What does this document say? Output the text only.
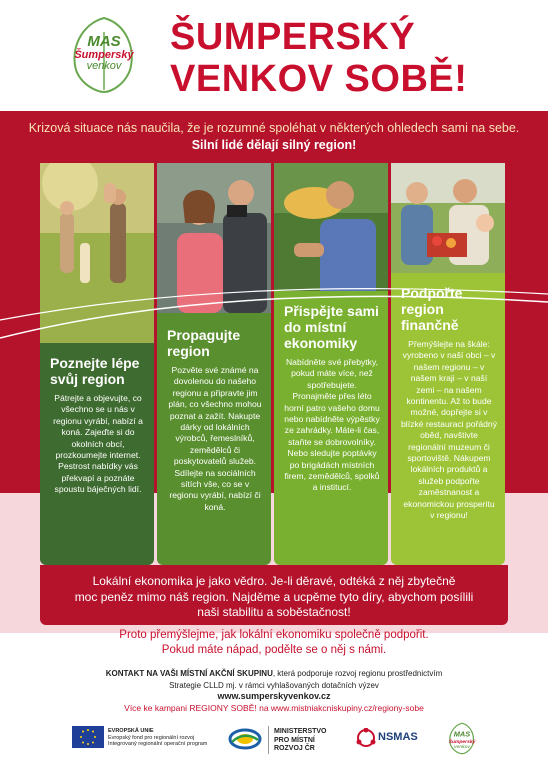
MAS
Šumperský
venkov
ŠUMPERSKÝ
VENKOV SOBĚ!
Krizová situace nás naučila, že je rozumné spoléhat v některých ohledech sami na sebe. Silní lidé dělají silný region!
Poznejte lépe svůj region

Pátrejte a objevujte, co všechno se u nás v regionu vyrábí, nabízí a koná. Zajeďte si do okolních obcí, prozkoumejte internet. Pestrost nabídky vás překvapí a poznáte spoustu báječných lidí.

Propagujte region

Pozvěte své známé na dovolenou do našeho regionu a připravte jim plán, co všechno mohou poznat a zažít. Nakupte dárky od lokálních výrobců, řemeslníků, zemědělců či poskytovatelů služeb. Sdílejte na sociálních sítích vše, co se v regionu vyrábí, nabízí či koná.

Přispějte sami do místní ekonomiky

Nabídněte své přebytky, pokud máte více, než spotřebujete. Pronajměte přes léto horní patro vašeho domu nebo nabídněte výpěstky ze zahrádky. Máte-li čas, staňte se dobrovolníky. Nebo sledujte poptávky po brigádách místních firem, zemědělců, spolků a institucí.

Podpořte region finančně

Přemýšlejte na škále: vyrobeno v naší obci – v našem regionu – v našem kraji – v naší zemi – na našem kontinentu. Až to bude možné, dopřejte si v blízké restauraci pořádný oběd, navštivte regionální muzeum či sportoviště. Nákupem lokálních produktů a služeb podpořte zaměstnanost a ekonomickou prosperitu v regionu!

Lokální ekonomika je jako vědro. Je-li děravé, odtéká z něj zbytečně
moc peněz mimo náš region. Najděme a ucpěme tyto díry, abychom posílili
naši stabilitu a soběstačnost!
Proto přemýšlejme, jak lokální ekonomiku společně podpořit.
Pokud máte nápad, podělte se o něj s námi.
KONTAKT NA VAŠI MÍSTNÍ AKČNÍ SKUPINU, která podporuje rozvoj regionu prostřednictvím
Strategie CLLD mj. v rámci vyhlašovaných dotačních výzev
www.sumperskyvenkov.cz
Více ke kampani REGIONY SOBĚ! na www.mistniakcniskupiny.cz/regiony-sobe
EVROPSKÁ UNIE
Evropský fond pro regionální rozvoj
Integrovaný regionální operační program
MINISTERSTVO
PRO MÍSTNÍ
ROZVOJ ČR
NSMAS MAS
Šumperský
venkov
